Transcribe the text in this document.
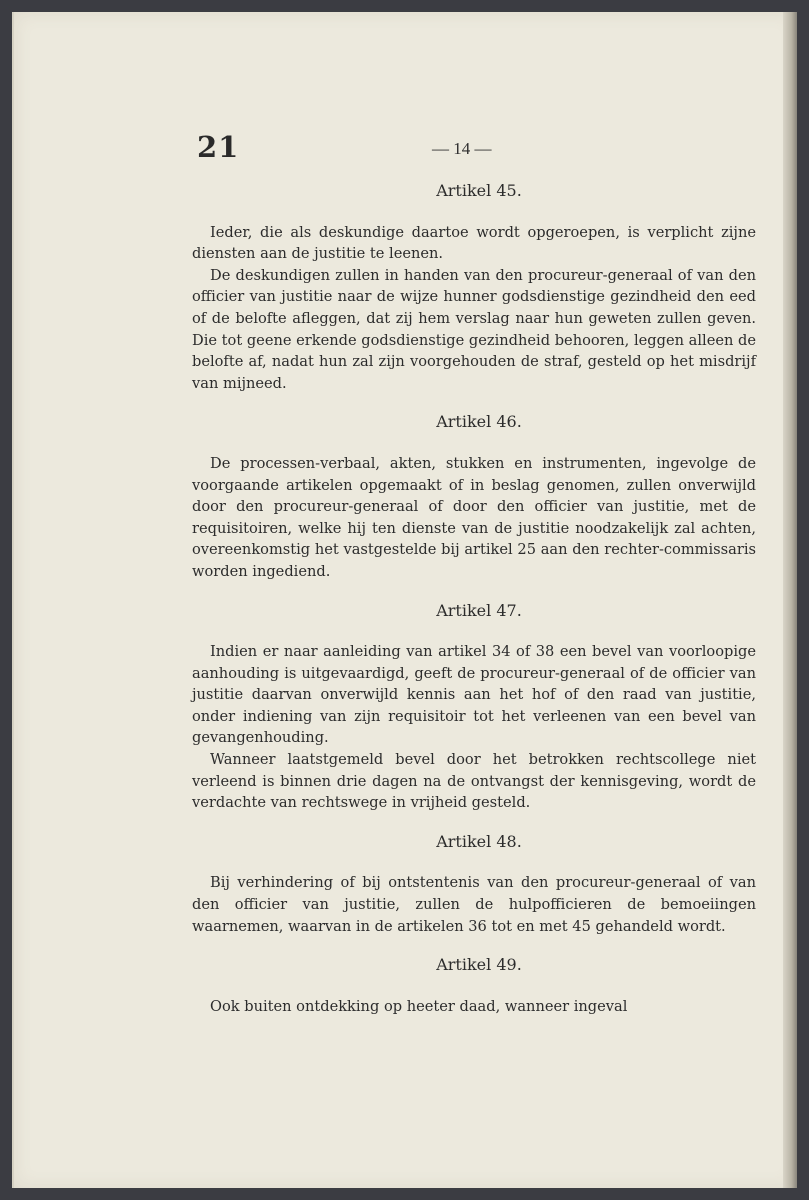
21	— 14 —

Artikel 45.

Ieder, die als deskundige daartoe wordt opgeroepen, is verplicht zijne diensten aan de justitie te leenen.

De deskundigen zullen in handen van den procureur-generaal of van den officier van justitie naar de wijze hunner godsdienstige gezindheid den eed of de belofte afleggen, dat zij hem verslag naar hun geweten zullen geven. Die tot geene erkende godsdienstige gezindheid behooren, leggen alleen de belofte af, nadat hun zal zijn voorgehouden de straf, gesteld op het misdrijf van mijneed.

Artikel 46.

De processen-verbaal, akten, stukken en instrumenten, ingevolge de voorgaande artikelen opgemaakt of in beslag genomen, zullen onverwijld door den procureur-generaal of door den officier van justitie, met de requisitoiren, welke hij ten dienste van de justitie noodzakelijk zal achten, overeenkomstig het vastgestelde bij artikel 25 aan den rechter-commissaris worden ingediend.

Artikel 47.

Indien er naar aanleiding van artikel 34 of 38 een bevel van voorloopige aanhouding is uitgevaardigd, geeft de procureur-generaal of de officier van justitie daarvan onverwijld kennis aan het hof of den raad van justitie, onder indiening van zijn requisitoir tot het verleenen van een bevel van gevangenhouding.

Wanneer laatstgemeld bevel door het betrokken rechtscollege niet verleend is binnen drie dagen na de ontvangst der kennisgeving, wordt de verdachte van rechtswege in vrijheid gesteld.

Artikel 48.

Bij verhindering of bij ontstentenis van den procureur-generaal of van den officier van justitie, zullen de hulpofficieren de bemoeiingen waarnemen, waarvan in de artikelen 36 tot en met 45 gehandeld wordt.

Artikel 49.

Ook buiten ontdekking op heeter daad, wanneer ingeval
